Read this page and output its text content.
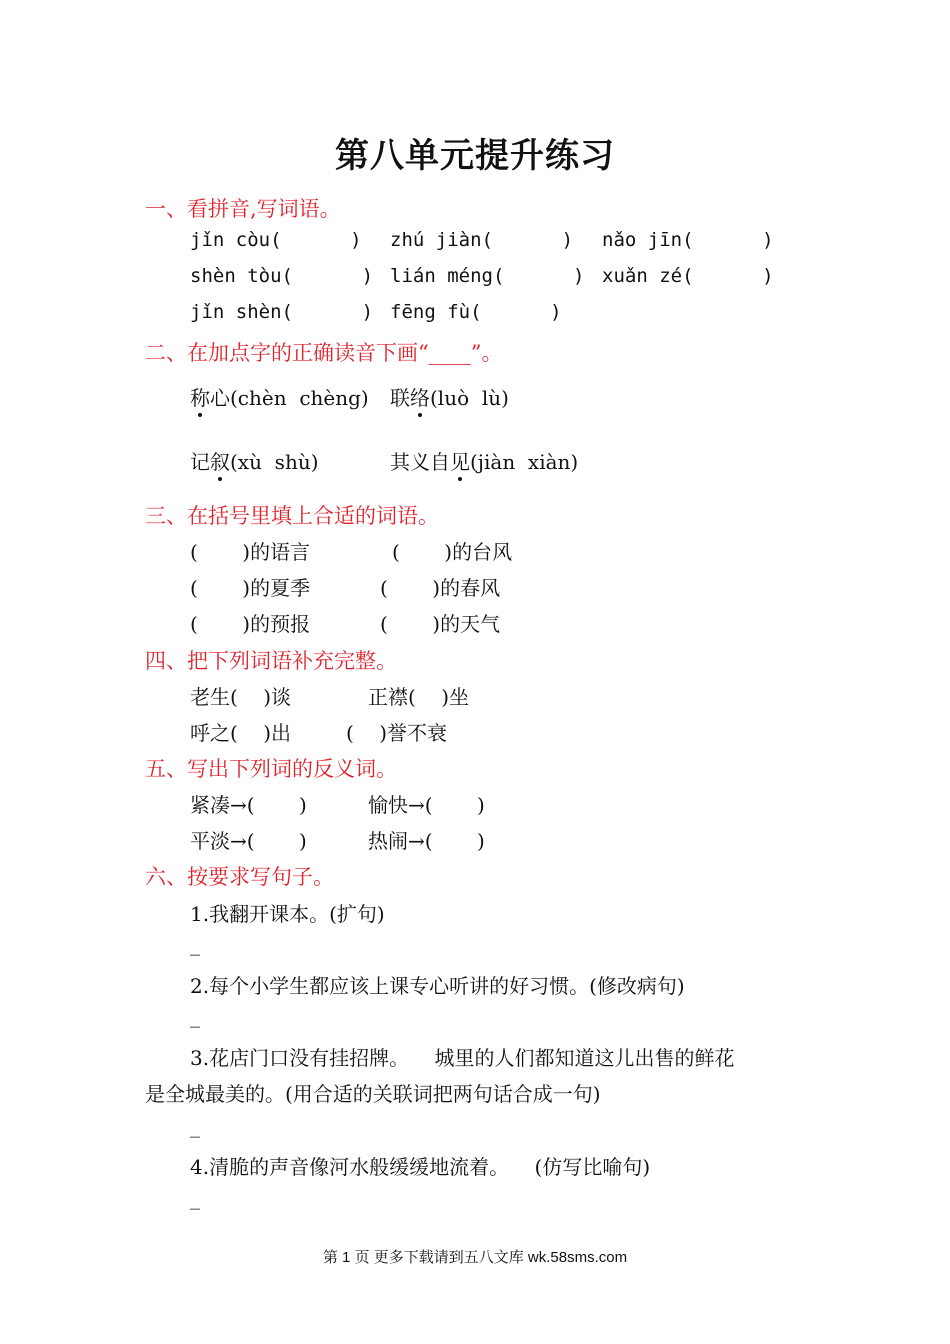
第八单元提升练习
一、看拼音,写词语。
jǐn còu(      ) zhú jiàn(      ) nǎo jīn(      )
shèn tòu(      ) lián méng(      ) xuǎn zé(      )
jǐn shèn(      ) fēng fù(      )
二、在加点字的正确读音下画“____”。
称心(chèn  chèng) 联络(luò  lù)
记叙(xù  shù)	其义自见(jiàn  xiàn)
三、在括号里填上合适的词语。
(       )的语言	(       )的台风
(       )的夏季	(       )的春风
(       )的预报	(       )的天气
四、把下列词语补充完整。
老生(    )谈	正襟(    )坐
呼之(    )出	(    )誉不衰
五、写出下列词的反义词。
紧凑→(       )	愉快→(       )
平淡→(       )	热闹→(       )
六、按要求写句子。
1.我翻开课本。(扩句)
_
2.每个小学生都应该上课专心听讲的好习惯。(修改病句)
_
3.花店门口没有挂招牌。    城里的人们都知道这儿出售的鲜花
是全城最美的。(用合适的关联词把两句话合成一句)
_
4.清脆的声音像河水般缓缓地流着。    (仿写比喻句)
_
第 1 页 更多下载请到五八文库 wk.58sms.com
